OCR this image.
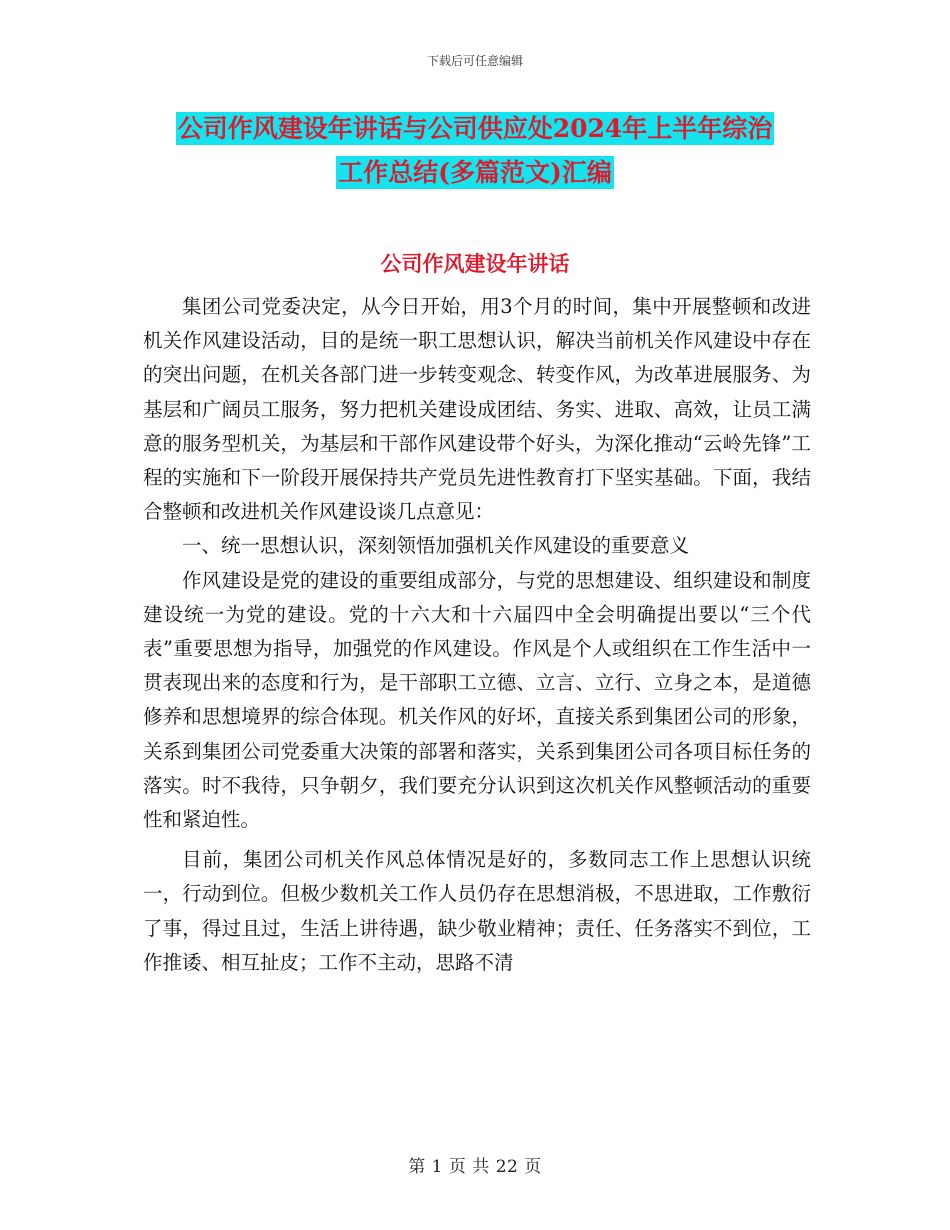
下载后可任意编辑
公司作风建设年讲话与公司供应处2024年上半年综治
工作总结(多篇范文)汇编
公司作风建设年讲话

集团公司党委决定，从今日开始，用3个月的时间，集中开展整顿和改进机关作风建设活动，目的是统一职工思想认识，解决当前机关作风建设中存在的突出问题，在机关各部门进一步转变观念、转变作风，为改革进展服务、为基层和广阔员工服务，努力把机关建设成团结、务实、进取、高效，让员工满意的服务型机关，为基层和干部作风建设带个好头，为深化推动“云岭先锋”工程的实施和下一阶段开展保持共产党员先进性教育打下坚实基础。下面，我结合整顿和改进机关作风建设谈几点意见：

一、统一思想认识，深刻领悟加强机关作风建设的重要意义

作风建设是党的建设的重要组成部分，与党的思想建设、组织建设和制度建设统一为党的建设。党的十六大和十六届四中全会明确提出要以“三个代表”重要思想为指导，加强党的作风建设。作风是个人或组织在工作生活中一贯表现出来的态度和行为，是干部职工立德、立言、立行、立身之本，是道德修养和思想境界的综合体现。机关作风的好坏，直接关系到集团公司的形象，关系到集团公司党委重大决策的部署和落实，关系到集团公司各项目标任务的落实。时不我待，只争朝夕，我们要充分认识到这次机关作风整顿活动的重要性和紧迫性。

目前，集团公司机关作风总体情况是好的，多数同志工作上思想认识统一，行动到位。但极少数机关工作人员仍存在思想消极，不思进取，工作敷衍了事，得过且过，生活上讲待遇，缺少敬业精神；责任、任务落实不到位，工作推诿、相互扯皮；工作不主动，思路不清

第 1 页 共 22 页
